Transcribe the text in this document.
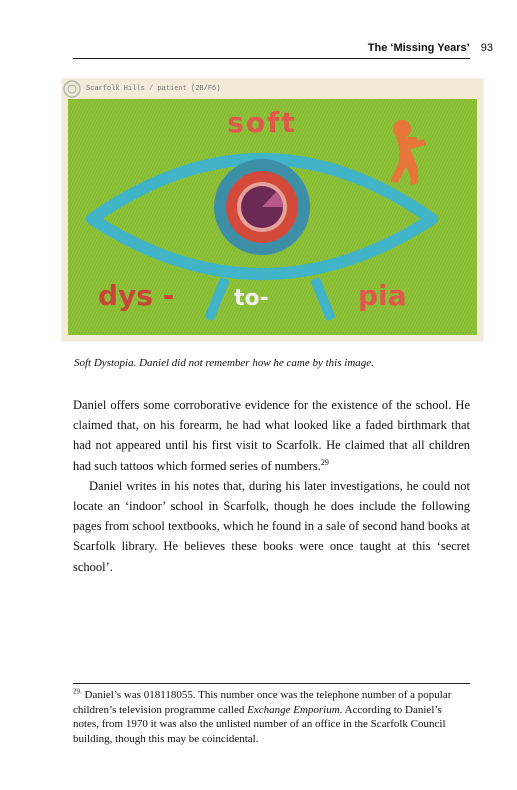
The ‘Missing Years’ 93
Scarfolk Hills / patient (2B/F6)
soft
dys -	to-	pia
Soft Dystopia. Daniel did not remember how he came by this image.

Daniel offers some corroborative evidence for the existence of the school. He claimed that, on his forearm, he had what looked like a faded birthmark that had not appeared until his first visit to Scarfolk. He claimed that all children had such tattoos which formed series of numbers.$^{29}$

Daniel writes in his notes that, during his later investigations, he could not locate an ‘indoor’ school in Scarfolk, though he does include the following pages from school textbooks, which he found in a sale of second hand books at Scarfolk library. He believes these books were once taught at this ‘secret school’.

$^{29.}$ Daniel’s was 018118055. This number once was the telephone number of a popular children’s television programme called Exchange Emporium. According to Daniel’s notes, from 1970 it was also the unlisted number of an office in the Scarfolk Council building, though this may be coincidental.
